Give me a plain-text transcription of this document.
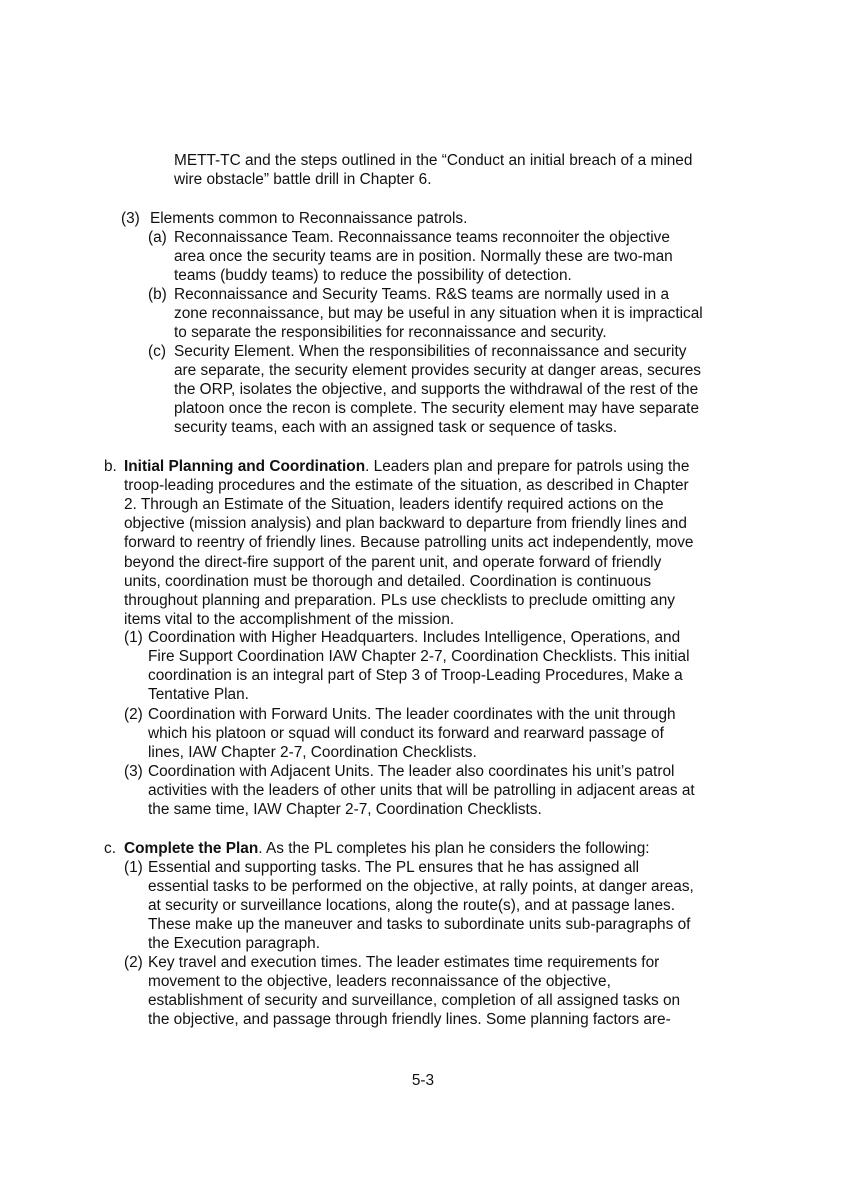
METT-TC and the steps outlined in the “Conduct an initial breach of a mined
wire obstacle” battle drill in Chapter 6.
(3) Elements common to Reconnaissance patrols.
(a) Reconnaissance Team. Reconnaissance teams reconnoiter the objective
area once the security teams are in position. Normally these are two-man
teams (buddy teams) to reduce the possibility of detection.
(b) Reconnaissance and Security Teams. R&S teams are normally used in a
zone reconnaissance, but may be useful in any situation when it is impractical
to separate the responsibilities for reconnaissance and security.
(c) Security Element. When the responsibilities of reconnaissance and security
are separate, the security element provides security at danger areas, secures
the ORP, isolates the objective, and supports the withdrawal of the rest of the
platoon once the recon is complete. The security element may have separate
security teams, each with an assigned task or sequence of tasks.
b. Initial Planning and Coordination. Leaders plan and prepare for patrols using the
troop-leading procedures and the estimate of the situation, as described in Chapter
2. Through an Estimate of the Situation, leaders identify required actions on the
objective (mission analysis) and plan backward to departure from friendly lines and
forward to reentry of friendly lines. Because patrolling units act independently, move
beyond the direct-fire support of the parent unit, and operate forward of friendly
units, coordination must be thorough and detailed. Coordination is continuous
throughout planning and preparation. PLs use checklists to preclude omitting any
items vital to the accomplishment of the mission.
(1) Coordination with Higher Headquarters. Includes Intelligence, Operations, and
Fire Support Coordination IAW Chapter 2-7, Coordination Checklists. This initial
coordination is an integral part of Step 3 of Troop-Leading Procedures, Make a
Tentative Plan.
(2) Coordination with Forward Units. The leader coordinates with the unit through
which his platoon or squad will conduct its forward and rearward passage of
lines, IAW Chapter 2-7, Coordination Checklists.
(3) Coordination with Adjacent Units. The leader also coordinates his unit’s patrol
activities with the leaders of other units that will be patrolling in adjacent areas at
the same time, IAW Chapter 2-7, Coordination Checklists.
c. Complete the Plan. As the PL completes his plan he considers the following:
(1) Essential and supporting tasks. The PL ensures that he has assigned all
essential tasks to be performed on the objective, at rally points, at danger areas,
at security or surveillance locations, along the route(s), and at passage lanes.
These make up the maneuver and tasks to subordinate units sub-paragraphs of
the Execution paragraph.
(2) Key travel and execution times. The leader estimates time requirements for
movement to the objective, leaders reconnaissance of the objective,
establishment of security and surveillance, completion of all assigned tasks on
the objective, and passage through friendly lines. Some planning factors are-
5-3
